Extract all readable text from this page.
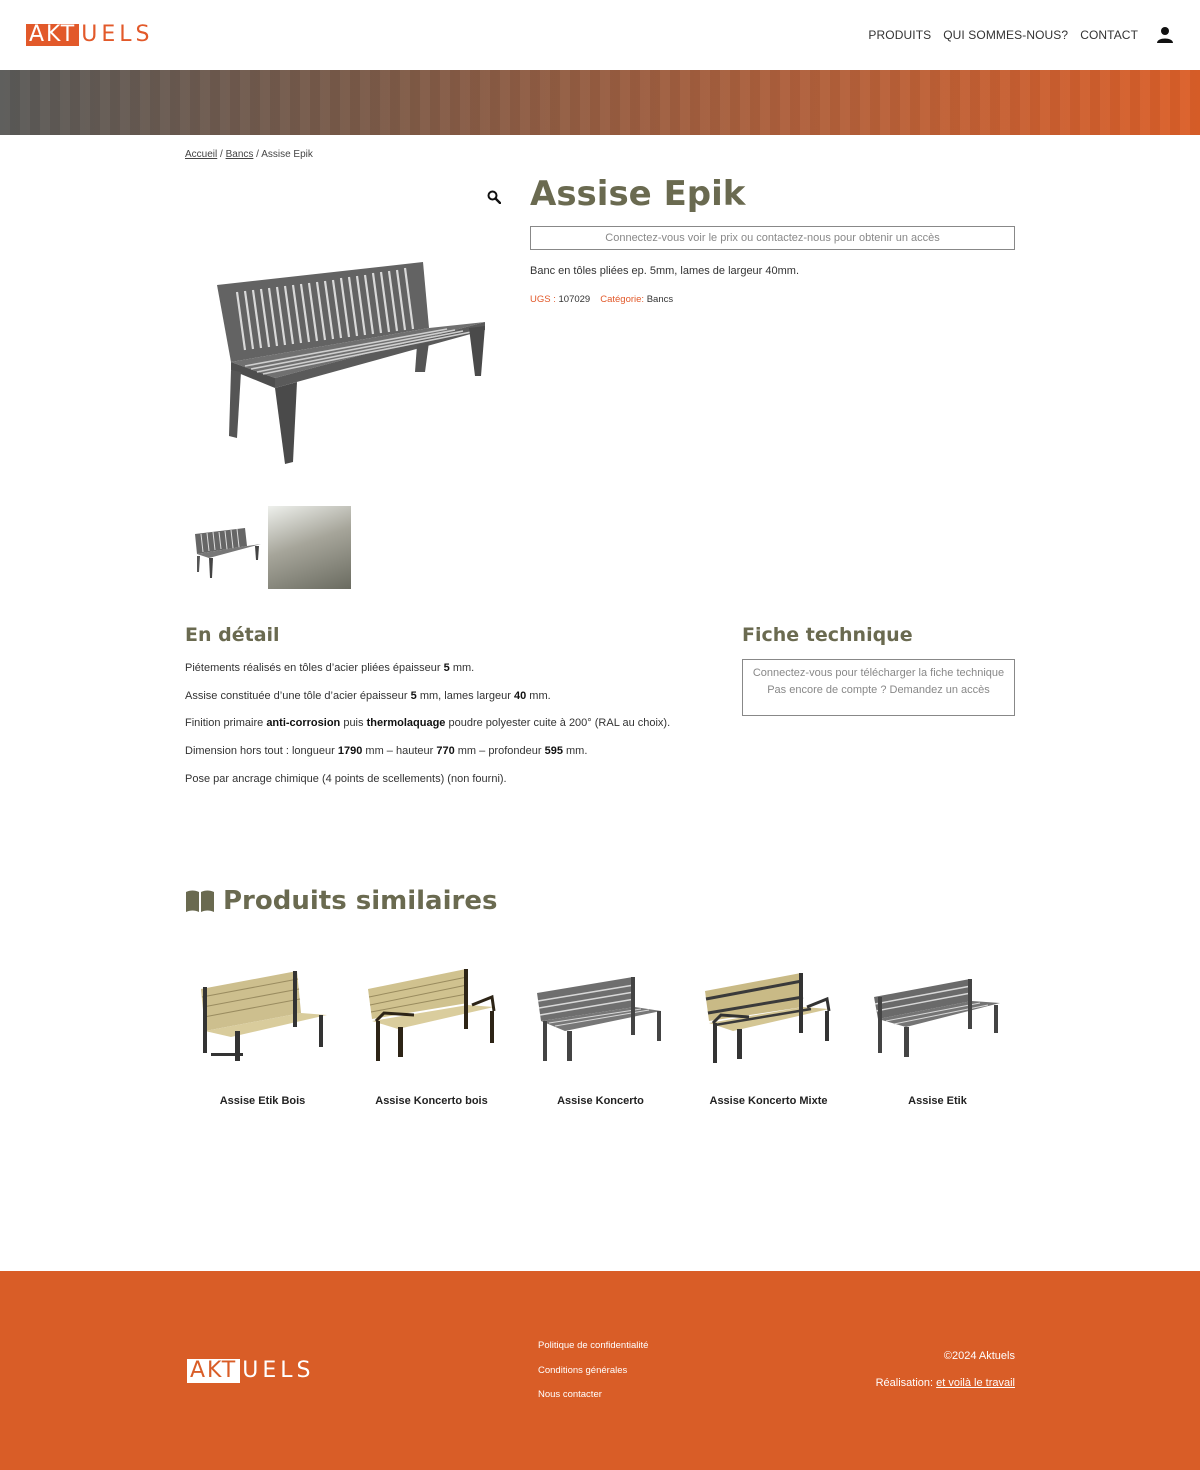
AKT UELS	PRODUITS QUI SOMMES-NOUS? CONTACT
Accueil / Bancs / Assise Epik
Assise Epik
Connectez-vous voir le prix ou contactez-nous pour obtenir un accès

Banc en tôles pliées ep. 5mm, lames de largeur 40mm.

UGS : 107029 Catégorie: Bancs
En détail

Piétements réalisés en tôles d’acier pliées épaisseur 5 mm.

Assise constituée d’une tôle d’acier épaisseur 5 mm, lames largeur 40 mm.

Finition primaire anti-corrosion puis thermolaquage poudre polyester cuite à 200° (RAL au choix).

Dimension hors tout : longueur 1790 mm – hauteur 770 mm – profondeur 595 mm.

Pose par ancrage chimique (4 points de scellements) (non fourni).

Fiche technique
Connectez-vous pour télécharger la fiche technique
Pas encore de compte ? Demandez un accès
Produits similaires
Assise Etik Bois	Assise Koncerto bois	Assise Koncerto	Assise Koncerto Mixte	Assise Etik
AKT UELS
Politique de confidentialité
Conditions générales
Nous contacter
©2024 Aktuels
Réalisation: et voilà le travail
